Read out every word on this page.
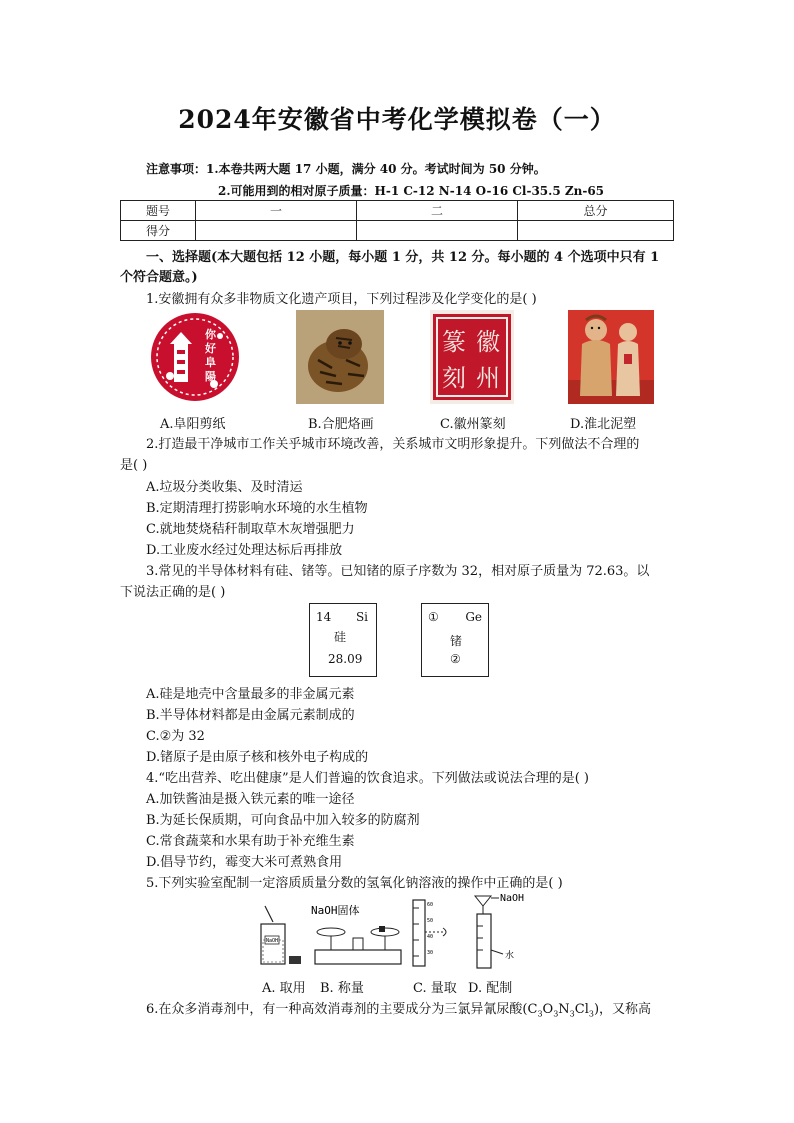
2024年安徽省中考化学模拟卷（一）
注意事项：1.本卷共两大题 17 小题，满分 40 分。考试时间为 50 分钟。
2.可能用到的相对原子质量：H-1 C-12 N-14 O-16 Cl-35.5 Zn-65
题号	一	二	总分
得分			
一、选择题(本大题包括 12 小题，每小题 1 分，共 12 分。每小题的 4 个选项中只有 1
个符合题意。)
1.安徽拥有众多非物质文化遗产项目，下列过程涉及化学变化的是( )
你
好
阜
陽
徽
州
篆
刻
A.阜阳剪纸	B.合肥烙画	C.徽州篆刻	D.淮北泥塑
2.打造最干净城市工作关乎城市环境改善，关系城市文明形象提升。下列做法不合理的
是( )
A.垃圾分类收集、及时清运
B.定期清理打捞影响水环境的水生植物
C.就地焚烧秸秆制取草木灰增强肥力
D.工业废水经过处理达标后再排放
3.常见的半导体材料有硅、锗等。已知锗的原子序数为 32，相对原子质量为 72.63。以
下说法正确的是( )
14 Si
硅
28.09
① Ge
锗
②
A.硅是地壳中含量最多的非金属元素
B.半导体材料都是由金属元素制成的
C.②为 32
D.锗原子是由原子核和核外电子构成的
4.“吃出营养、吃出健康”是人们普遍的饮食追求。下列做法或说法合理的是( )
A.加铁酱油是摄入铁元素的唯一途径
B.为延长保质期，可向食品中加入较多的防腐剂
C.常食蔬菜和水果有助于补充维生素
D.倡导节约，霉变大米可煮熟食用
5.下列实验室配制一定溶质质量分数的氢氧化钠溶液的操作中正确的是( )
NaOH
NaOH固体	60
50
40
30
NaOH
水
A. 取用 B. 称量	C. 量取 D. 配制
6.在众多消毒剂中，有一种高效消毒剂的主要成分为三氯异氰尿酸$(C_3O_3N_3Cl_3)$，又称高
